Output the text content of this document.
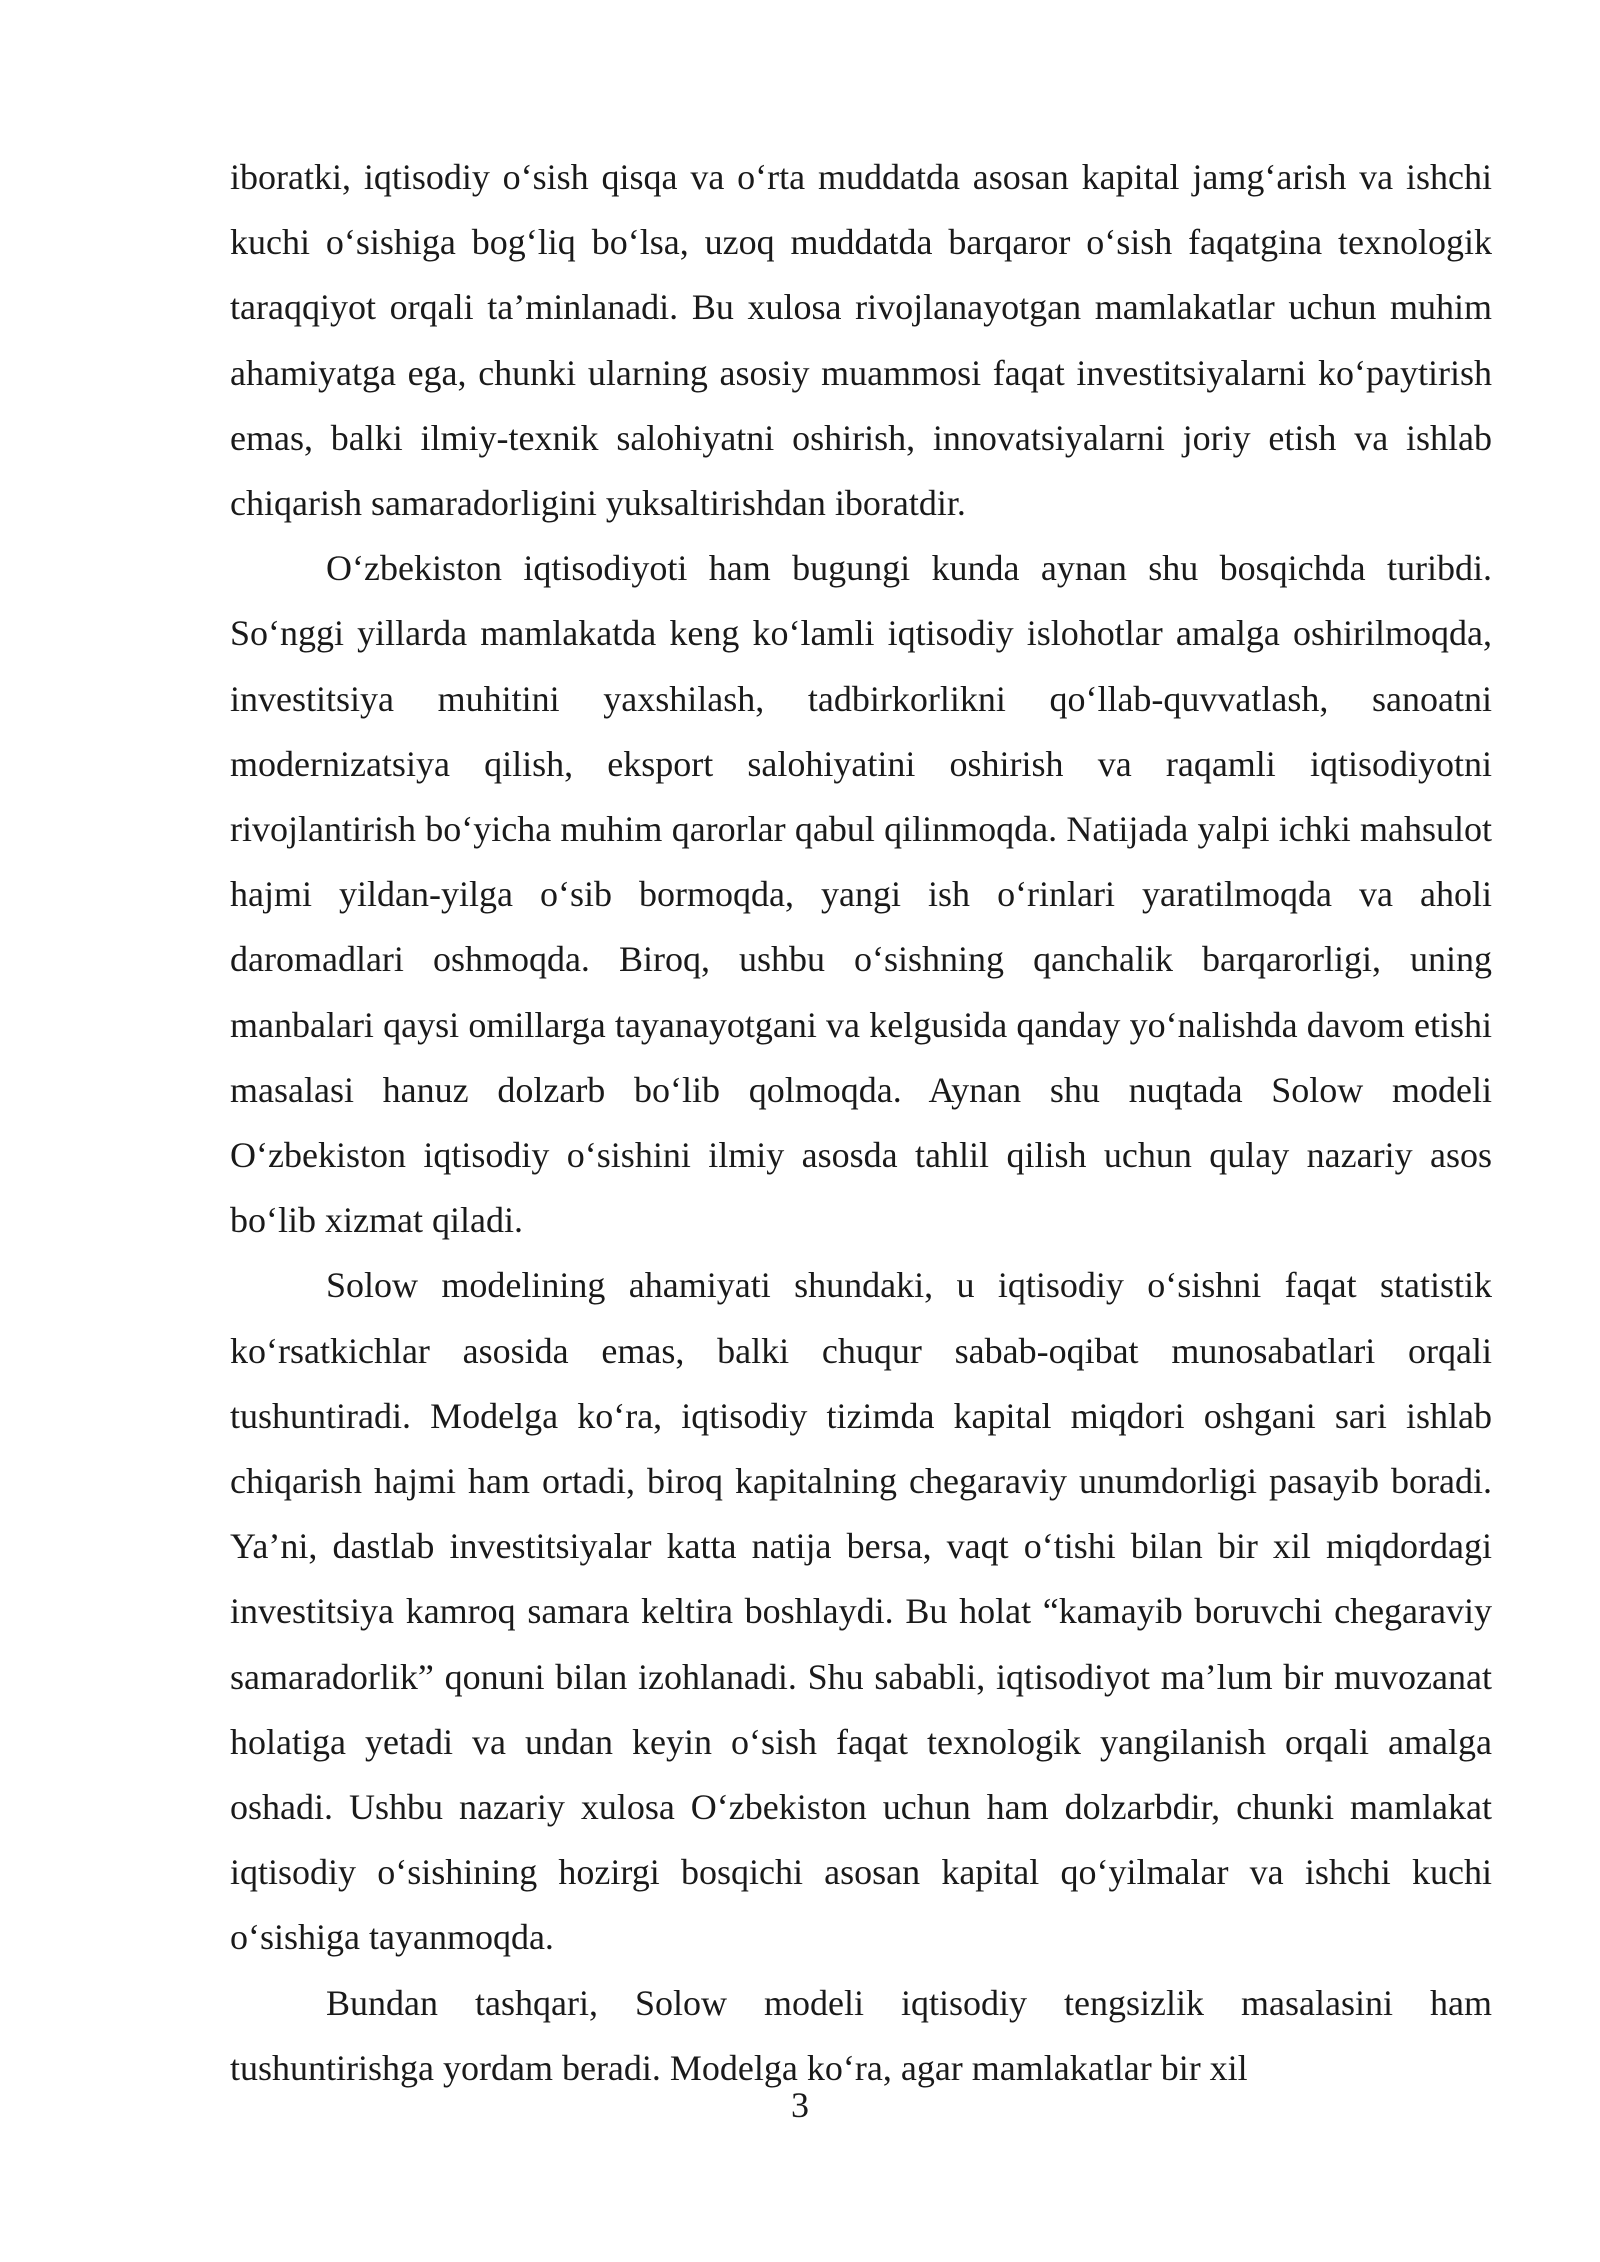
iboratki, iqtisodiy o‘sish qisqa va o‘rta muddatda asosan kapital jamg‘arish va ishchi kuchi o‘sishiga bog‘liq bo‘lsa, uzoq muddatda barqaror o‘sish faqatgina texnologik taraqqiyot orqali ta’minlanadi. Bu xulosa rivojlanayotgan mamlakatlar uchun muhim ahamiyatga ega, chunki ularning asosiy muammosi faqat investitsiyalarni ko‘paytirish emas, balki ilmiy-texnik salohiyatni oshirish, innovatsiyalarni joriy etish va ishlab chiqarish samaradorligini yuksaltirishdan iboratdir.

O‘zbekiston iqtisodiyoti ham bugungi kunda aynan shu bosqichda turibdi. So‘nggi yillarda mamlakatda keng ko‘lamli iqtisodiy islohotlar amalga oshirilmoqda, investitsiya muhitini yaxshilash, tadbirkorlikni qo‘llab-quvvatlash, sanoatni modernizatsiya qilish, eksport salohiyatini oshirish va raqamli iqtisodiyotni rivojlantirish bo‘yicha muhim qarorlar qabul qilinmoqda. Natijada yalpi ichki mahsulot hajmi yildan-yilga o‘sib bormoqda, yangi ish o‘rinlari yaratilmoqda va aholi daromadlari oshmoqda. Biroq, ushbu o‘sishning qanchalik barqarorligi, uning manbalari qaysi omillarga tayanayotgani va kelgusida qanday yo‘nalishda davom etishi masalasi hanuz dolzarb bo‘lib qolmoqda. Aynan shu nuqtada Solow modeli O‘zbekiston iqtisodiy o‘sishini ilmiy asosda tahlil qilish uchun qulay nazariy asos bo‘lib xizmat qiladi.

Solow modelining ahamiyati shundaki, u iqtisodiy o‘sishni faqat statistik ko‘rsatkichlar asosida emas, balki chuqur sabab-oqibat munosabatlari orqali tushuntiradi. Modelga ko‘ra, iqtisodiy tizimda kapital miqdori oshgani sari ishlab chiqarish hajmi ham ortadi, biroq kapitalning chegaraviy unumdorligi pasayib boradi. Ya’ni, dastlab investitsiyalar katta natija bersa, vaqt o‘tishi bilan bir xil miqdordagi investitsiya kamroq samara keltira boshlaydi. Bu holat “kamayib boruvchi chegaraviy samaradorlik” qonuni bilan izohlanadi. Shu sababli, iqtisodiyot ma’lum bir muvozanat holatiga yetadi va undan keyin o‘sish faqat texnologik yangilanish orqali amalga oshadi. Ushbu nazariy xulosa O‘zbekiston uchun ham dolzarbdir, chunki mamlakat iqtisodiy o‘sishining hozirgi bosqichi asosan kapital qo‘yilmalar va ishchi kuchi o‘sishiga tayanmoqda.

Bundan tashqari, Solow modeli iqtisodiy tengsizlik masalasini ham tushuntirishga yordam beradi. Modelga ko‘ra, agar mamlakatlar bir xil

3
